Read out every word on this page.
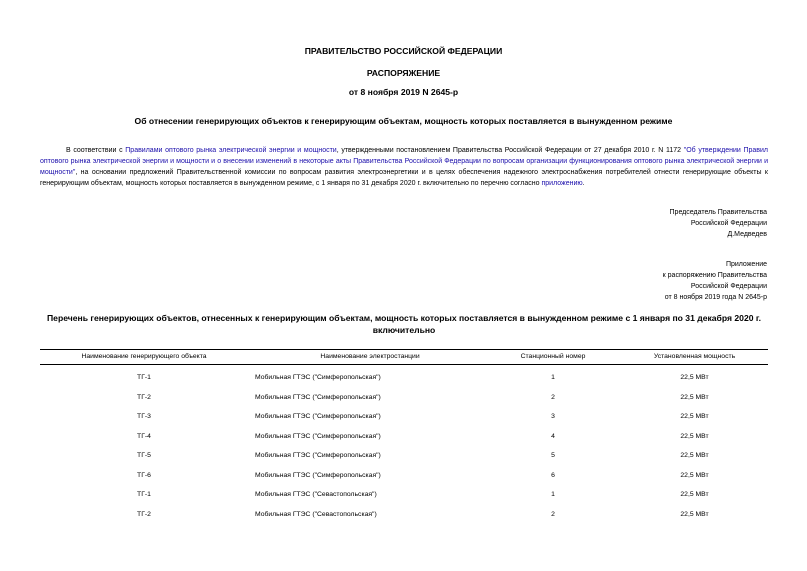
ПРАВИТЕЛЬСТВО РОССИЙСКОЙ ФЕДЕРАЦИИ
РАСПОРЯЖЕНИЕ
от 8 ноября 2019 N 2645-р
Об отнесении генерирующих объектов к генерирующим объектам, мощность которых поставляется в вынужденном режиме
В соответствии с Правилами оптового рынка электрической энергии и мощности, утвержденными постановлением Правительства Российской Федерации от 27 декабря 2010 г. N 1172 "Об утверждении Правил оптового рынка электрической энергии и мощности и о внесении изменений в некоторые акты Правительства Российской Федерации по вопросам организации функционирования оптового рынка электрической энергии и мощности", на основании предложений Правительственной комиссии по вопросам развития электроэнергетики и в целях обеспечения надежного электроснабжения потребителей отнести генерирующие объекты к генерирующим объектам, мощность которых поставляется в вынужденном режиме, с 1 января по 31 декабря 2020 г. включительно по перечню согласно приложению.
Председатель Правительства
Российской Федерации
Д.Медведев
Приложение
к распоряжению Правительства
Российской Федерации
от 8 ноября 2019 года N 2645-р
Перечень генерирующих объектов, отнесенных к генерирующим объектам, мощность которых поставляется в вынужденном режиме с 1 января по 31 декабря 2020 г. включительно
Наименование генерирующего объекта	Наименование электростанции	Станционный номер	Установленная мощность
ТГ-1	Мобильная ГТЭС ("Симферопольская")	1	22,5 МВт
ТГ-2	Мобильная ГТЭС ("Симферопольская")	2	22,5 МВт
ТГ-3	Мобильная ГТЭС ("Симферопольская")	3	22,5 МВт
ТГ-4	Мобильная ГТЭС ("Симферопольская")	4	22,5 МВт
ТГ-5	Мобильная ГТЭС ("Симферопольская")	5	22,5 МВт
ТГ-6	Мобильная ГТЭС ("Симферопольская")	6	22,5 МВт
ТГ-1	Мобильная ГТЭС ("Севастопольская")	1	22,5 МВт
ТГ-2	Мобильная ГТЭС ("Севастопольская")	2	22,5 МВт
